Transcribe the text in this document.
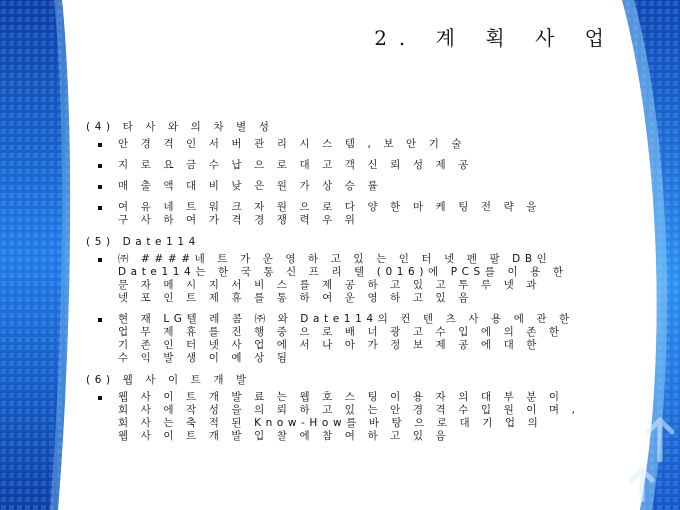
2. 계 획 사 업
(4) 타 사 와 의 차 별 성
안 경 격 인 서 버 관 리 시 스 템 , 보 안 기 술
지 로 요 금 수 납 으 로 대 고 객 신 뢰 성 제 공
매 출 액 대 비 낮 은 원 가 상 승 률
여 유 네 트 워 크 자 원 으 로 다 양 한 마 케 팅 전 략 을
구 사 하 여 가 격 경 쟁 력 우 위
(5) Date114
㈜ ####네 트 가 운 영 하 고 있 는 인 터 넷 펜 팔 DB인
Date114는 한 국 통 신 프 리 텔 (016)에 PCS를 이 용 한
문 자 메 시 지 서 비 스 를 제 공 하 고 있 고 투 루 넷 과
넷 포 인 트 제 휴 를 통 하 여 운 영 하 고 있 음
현 재 LG텔 레 콤 ㈜ 와 Date114의 컨 텐 츠 사 용 에 관 한
업 무 제 휴 를 진 행 중 으 로 배 너 광 고 수 입 에 의 존 한
기 존 인 터 넷 사 업 에 서 나 아 가 정 보 제 공 에 대 한
수 익 발 생 이 예 상 됨
(6) 웹 사 이 트 개 발
웹 사 이 트 개 발 료 는 웹 호 스 팅 이 용 자 의 대 부 분 이
회 사 에 작 성 을 의 뢰 하 고 있 는 안 경 격 수 입 원 이 며 ,
회 사 는 축 적 된 Know-How를 바 탕 으 로 대 기 업 의
웹 사 이 트 개 발 입 찰 에 참 여 하 고 있 음
